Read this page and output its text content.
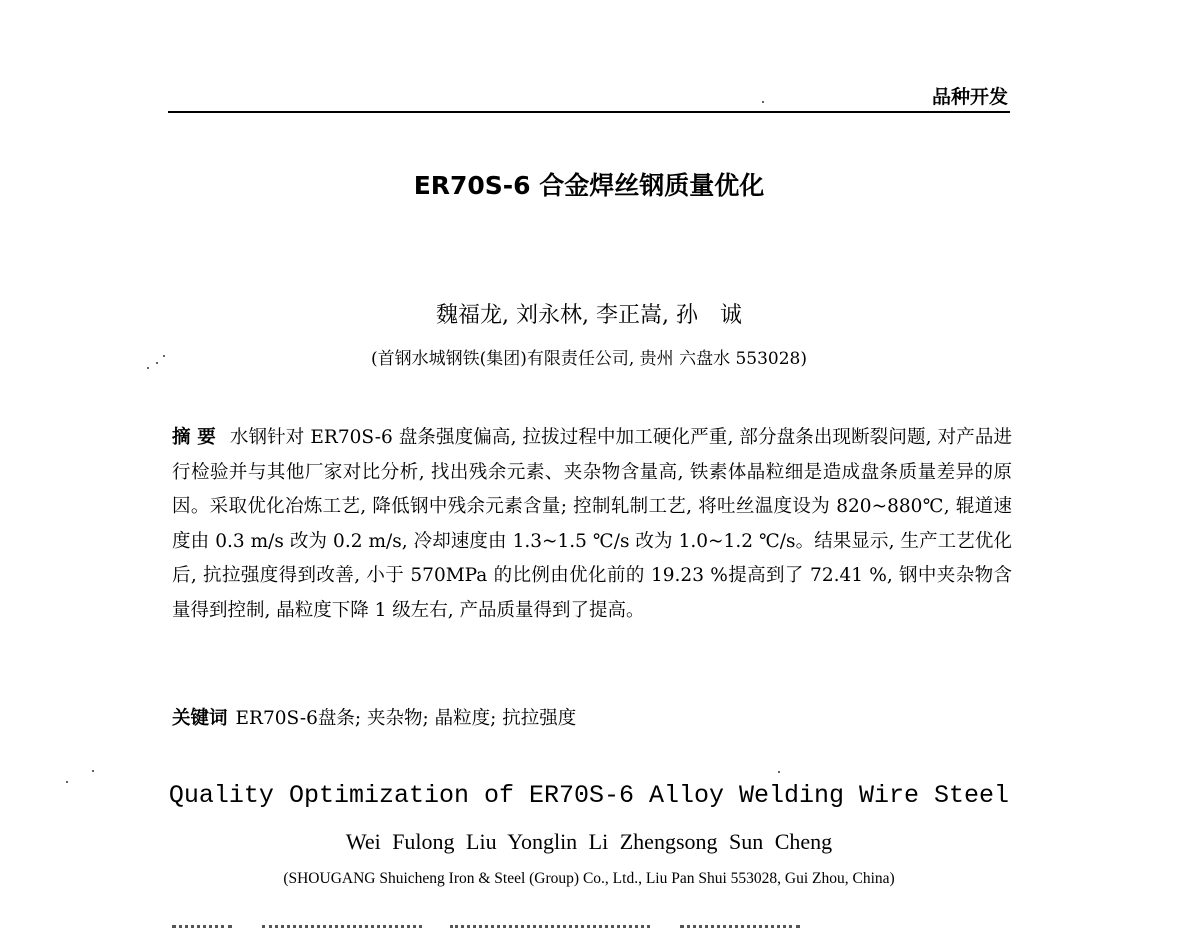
品种开发
ER70S-6 合金焊丝钢质量优化
魏福龙, 刘永林, 李正嵩, 孙　诚
(首钢水城钢铁(集团)有限责任公司, 贵州 六盘水 553028)
摘 要 水钢针对 ER70S-6 盘条强度偏高, 拉拔过程中加工硬化严重, 部分盘条出现断裂问题, 对产品进行检验并与其他厂家对比分析, 找出残余元素、夹杂物含量高, 铁素体晶粒细是造成盘条质量差异的原因。采取优化冶炼工艺, 降低钢中残余元素含量; 控制轧制工艺, 将吐丝温度设为 820~880℃, 辊道速度由 0.3 m/s 改为 0.2 m/s, 冷却速度由 1.3~1.5 ℃/s 改为 1.0~1.2 ℃/s。结果显示, 生产工艺优化后, 抗拉强度得到改善, 小于 570MPa 的比例由优化前的 19.23 %提高到了 72.41 %, 钢中夹杂物含量得到控制, 晶粒度下降 1 级左右, 产品质量得到了提高。
关键词 ER70S-6盘条; 夹杂物; 晶粒度; 抗拉强度
Quality Optimization of ER70S-6 Alloy Welding Wire Steel
Wei Fulong Liu Yonglin Li Zhengsong Sun Cheng
(SHOUGANG Shuicheng Iron & Steel (Group) Co., Ltd., Liu Pan Shui 553028, Gui Zhou, China)
